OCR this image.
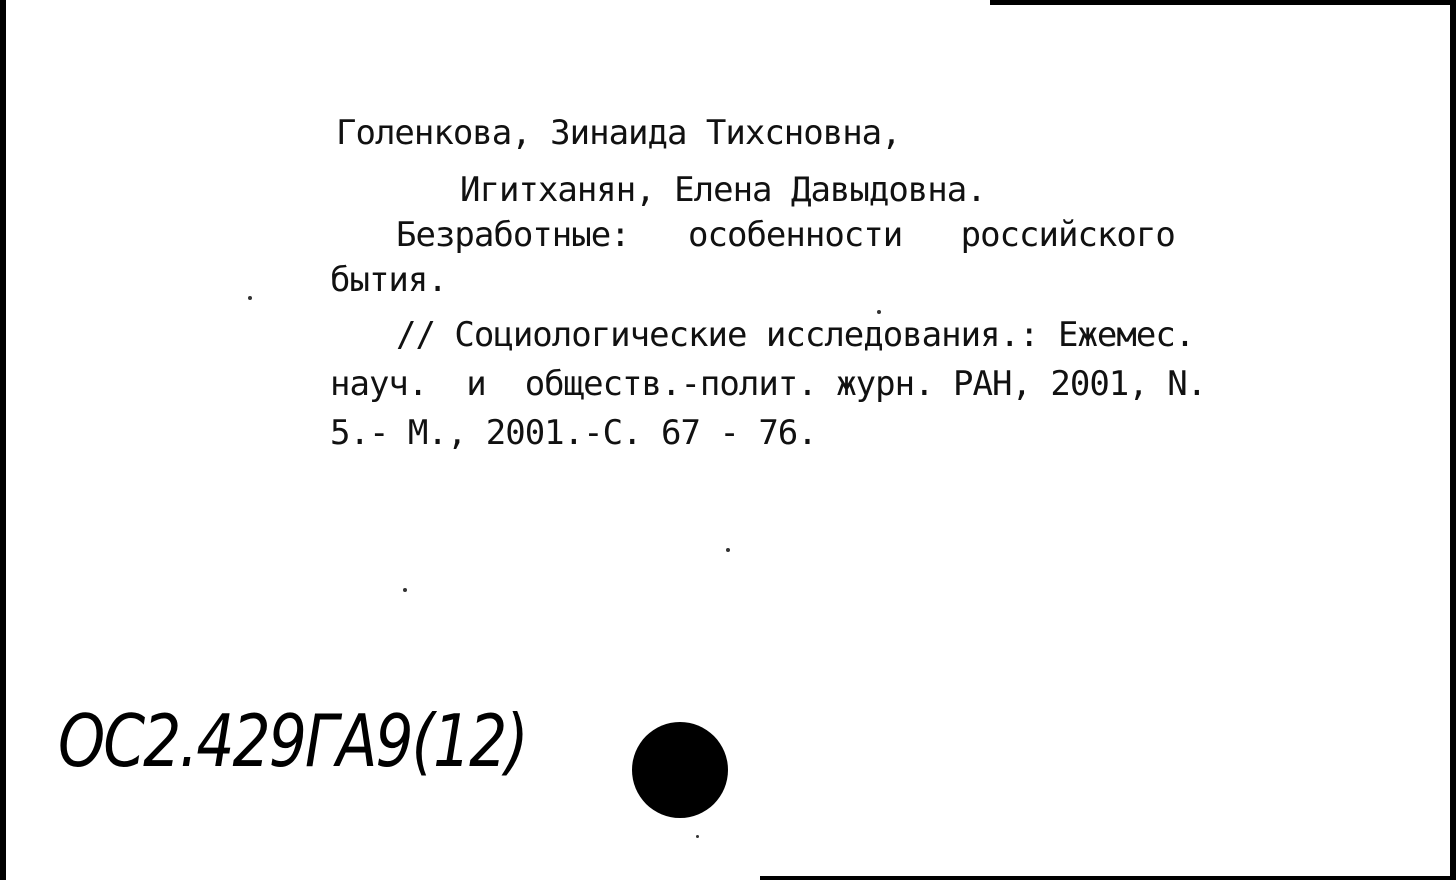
Голенкова, Зинаида Тихсновна,

Игитханян, Елена Давыдовна.

Безработные:   особенности   российского

бытия.

// Социологические исследования.: Ежемес.

науч.  и  обществ.-полит. журн. РАН, 2001, N.

5.- М., 2001.-С. 67 - 76.

ОС2.429ГА9(12)
